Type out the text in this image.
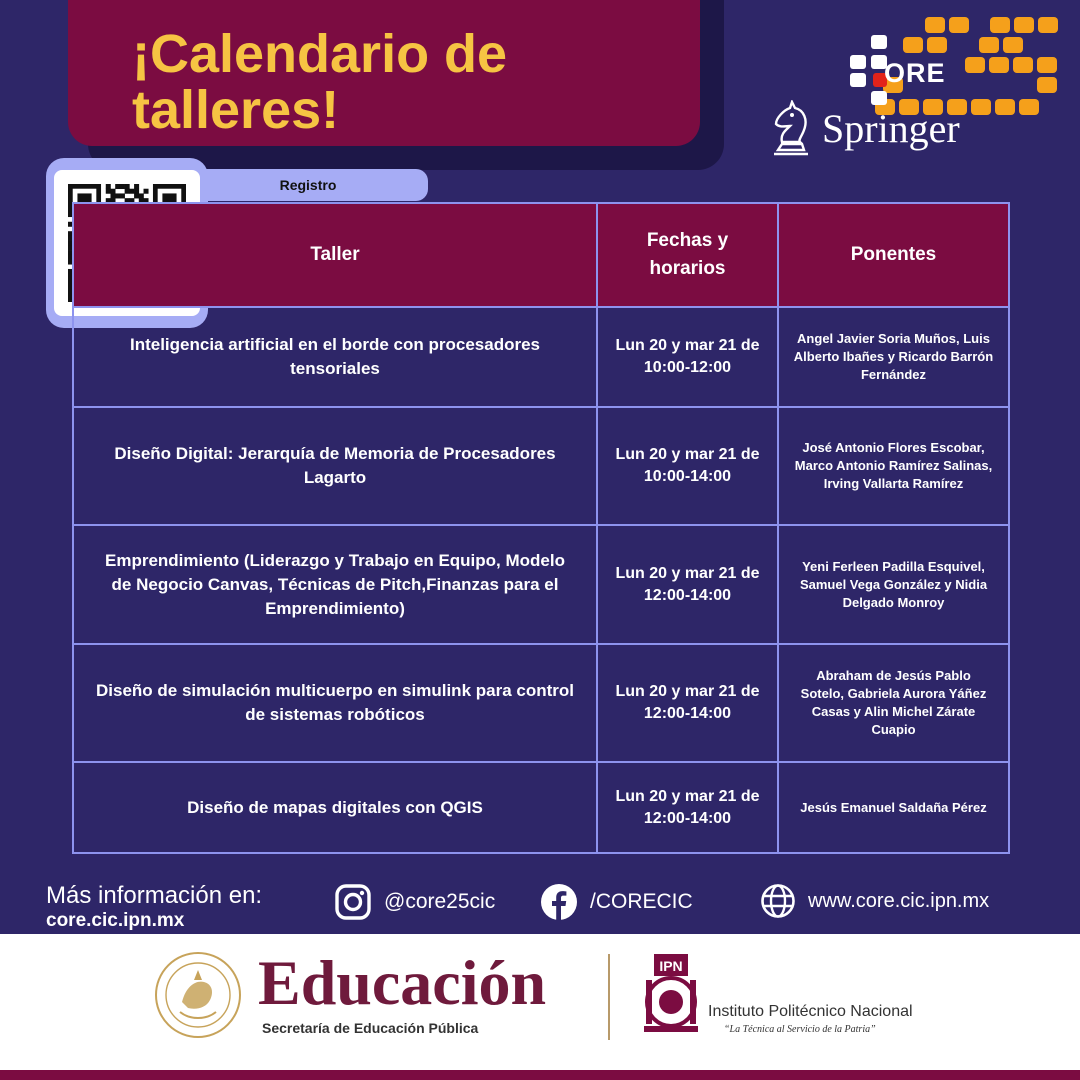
¡Calendario de talleres!
ORE
Springer
Registro
Taller	Fechas y horarios	Ponentes
Inteligencia artificial en el borde con procesadores tensoriales	Lun 20 y mar 21 de 10:00-12:00	Angel Javier Soria Muños, Luis Alberto Ibañes y Ricardo Barrón Fernández
Diseño Digital: Jerarquía de Memoria de Procesadores Lagarto	Lun 20 y mar 21 de 10:00-14:00	José Antonio Flores Escobar, Marco Antonio Ramírez Salinas, Irving Vallarta Ramírez
Emprendimiento (Liderazgo y Trabajo en Equipo, Modelo de Negocio Canvas, Técnicas de Pitch,Finanzas para el Emprendimiento)	Lun 20 y mar 21 de 12:00-14:00	Yeni Ferleen Padilla Esquivel, Samuel Vega González y Nidia Delgado Monroy
Diseño de simulación multicuerpo en simulink para control de sistemas robóticos	Lun 20 y mar 21 de 12:00-14:00	Abraham de Jesús Pablo Sotelo, Gabriela Aurora Yáñez Casas y Alin Michel Zárate Cuapio
Diseño de mapas digitales con QGIS	Lun 20 y mar 21 de 12:00-14:00	Jesús Emanuel Saldaña Pérez
Más información en:
core.cic.ipn.mx
@core25cic	/CORECIC	www.core.cic.ipn.mx
Educación
Secretaría de Educación Pública
IPN
Instituto Politécnico Nacional
“La Técnica al Servicio de la Patria”
